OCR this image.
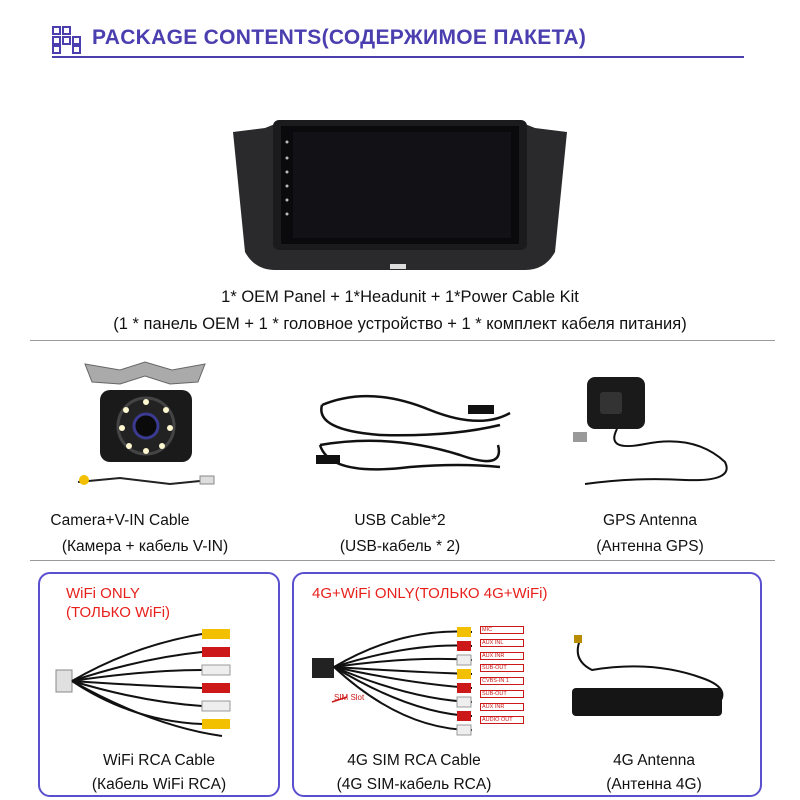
PACKAGE CONTENTS(СОДЕРЖИМОЕ ПАКЕТА)
1* OEM Panel + 1*Headunit + 1*Power Cable Kit
(1 * панель OEM + 1 * головное устройство + 1 * комплект кабеля питания)
Camera+V-IN Cable
(Камера + кабель V-IN)
USB Cable*2
(USB-кабель * 2)
GPS Antenna
(Антенна GPS)
WiFi ONLY
(ТОЛЬКО WiFi)
WiFi RCA Cable
(Кабель WiFi RCA)
4G+WiFi ONLY(ТОЛЬКО 4G+WiFi)
SIM Slot
MIC
AUX INL
AUX INR
SUB-OUT
CVBS-IN 1
SUB-OUT
AUX INR
AUDIO OUT
4G SIM RCA Cable
(4G SIM-кабель RCA)
4G Antenna
(Антенна 4G)
